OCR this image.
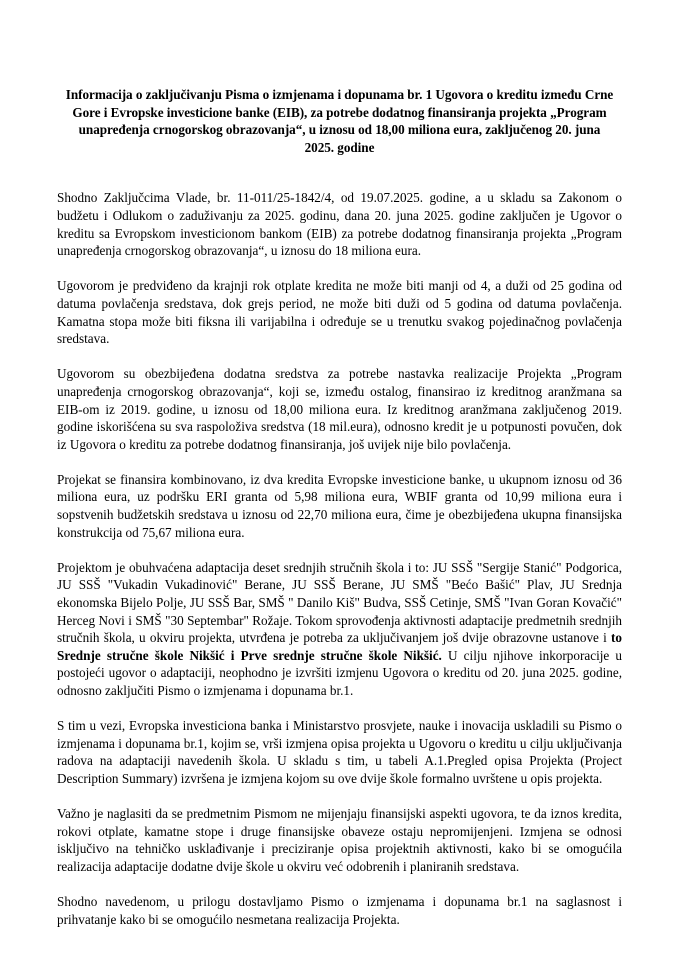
Informacija o zaključivanju Pisma o izmjenama i dopunama br. 1 Ugovora o kreditu između Crne Gore i Evropske investicione banke (EIB), za potrebe dodatnog finansiranja projekta „Program unapređenja crnogorskog obrazovanja“, u iznosu od 18,00 miliona eura, zaključenog 20. juna 2025. godine

Shodno Zaključcima Vlade, br. 11-011/25-1842/4, od 19.07.2025. godine, a u skladu sa Zakonom o budžetu i Odlukom o zaduživanju za 2025. godinu, dana 20. juna 2025. godine zaključen je Ugovor o kreditu sa Evropskom investicionom bankom (EIB) za potrebe dodatnog finansiranja projekta „Program unapređenja crnogorskog obrazovanja“, u iznosu do 18 miliona eura.

Ugovorom je predviđeno da krajnji rok otplate kredita ne može biti manji od 4, a duži od 25 godina od datuma povlačenja sredstava, dok grejs period, ne može biti duži od 5 godina od datuma povlačenja. Kamatna stopa može biti fiksna ili varijabilna i određuje se u trenutku svakog pojedinačnog povlačenja sredstava.

Ugovorom su obezbijeđena dodatna sredstva za potrebe nastavka realizacije Projekta „Program unapređenja crnogorskog obrazovanja“, koji se, između ostalog, finansirao iz kreditnog aranžmana sa EIB-om iz 2019. godine, u iznosu od 18,00 miliona eura. Iz kreditnog aranžmana zaključenog 2019. godine iskorišćena su sva raspoloživa sredstva (18 mil.eura), odnosno kredit je u potpunosti povučen, dok iz Ugovora o kreditu za potrebe dodatnog finansiranja, još uvijek nije bilo povlačenja.

Projekat se finansira kombinovano, iz dva kredita Evropske investicione banke, u ukupnom iznosu od 36 miliona eura, uz podršku ERI granta od 5,98 miliona eura, WBIF granta od 10,99 miliona eura i sopstvenih budžetskih sredstava u iznosu od 22,70 miliona eura, čime je obezbijeđena ukupna finansijska konstrukcija od 75,67 miliona eura.

Projektom je obuhvaćena adaptacija deset srednjih stručnih škola i to: JU SSŠ "Sergije Stanić" Podgorica, JU SSŠ "Vukadin Vukadinović" Berane, JU SSŠ Berane, JU SMŠ "Bećo Bašić" Plav, JU Srednja ekonomska Bijelo Polje, JU SSŠ Bar, SMŠ " Danilo Kiš" Budva, SSŠ Cetinje, SMŠ "Ivan Goran Kovačić" Herceg Novi i SMŠ "30 Septembar" Rožaje. Tokom sprovođenja aktivnosti adaptacije predmetnih srednjih stručnih škola, u okviru projekta, utvrđena je potreba za uključivanjem još dvije obrazovne ustanove i to Srednje stručne škole Nikšić i Prve srednje stručne škole Nikšić. U cilju njihove inkorporacije u postojeći ugovor o adaptaciji, neophodno je izvršiti izmjenu Ugovora o kreditu od 20. juna 2025. godine, odnosno zaključiti Pismo o izmjenama i dopunama br.1.

S tim u vezi, Evropska investiciona banka i Ministarstvo prosvjete, nauke i inovacija uskladili su Pismo o izmjenama i dopunama br.1, kojim se, vrši izmjena opisa projekta u Ugovoru o kreditu u cilju uključivanja radova na adaptaciji navedenih škola. U skladu s tim, u tabeli A.1.Pregled opisa Projekta (Project Description Summary) izvršena je izmjena kojom su ove dvije škole formalno uvrštene u opis projekta.

Važno je naglasiti da se predmetnim Pismom ne mijenjaju finansijski aspekti ugovora, te da iznos kredita, rokovi otplate, kamatne stope i druge finansijske obaveze ostaju nepromijenjeni. Izmjena se odnosi isključivo na tehničko usklađivanje i preciziranje opisa projektnih aktivnosti, kako bi se omogućila realizacija adaptacije dodatne dvije škole u okviru već odobrenih i planiranih sredstava.

Shodno navedenom, u prilogu dostavljamo Pismo o izmjenama i dopunama br.1 na saglasnost i prihvatanje kako bi se omogućilo nesmetana realizacija Projekta.
